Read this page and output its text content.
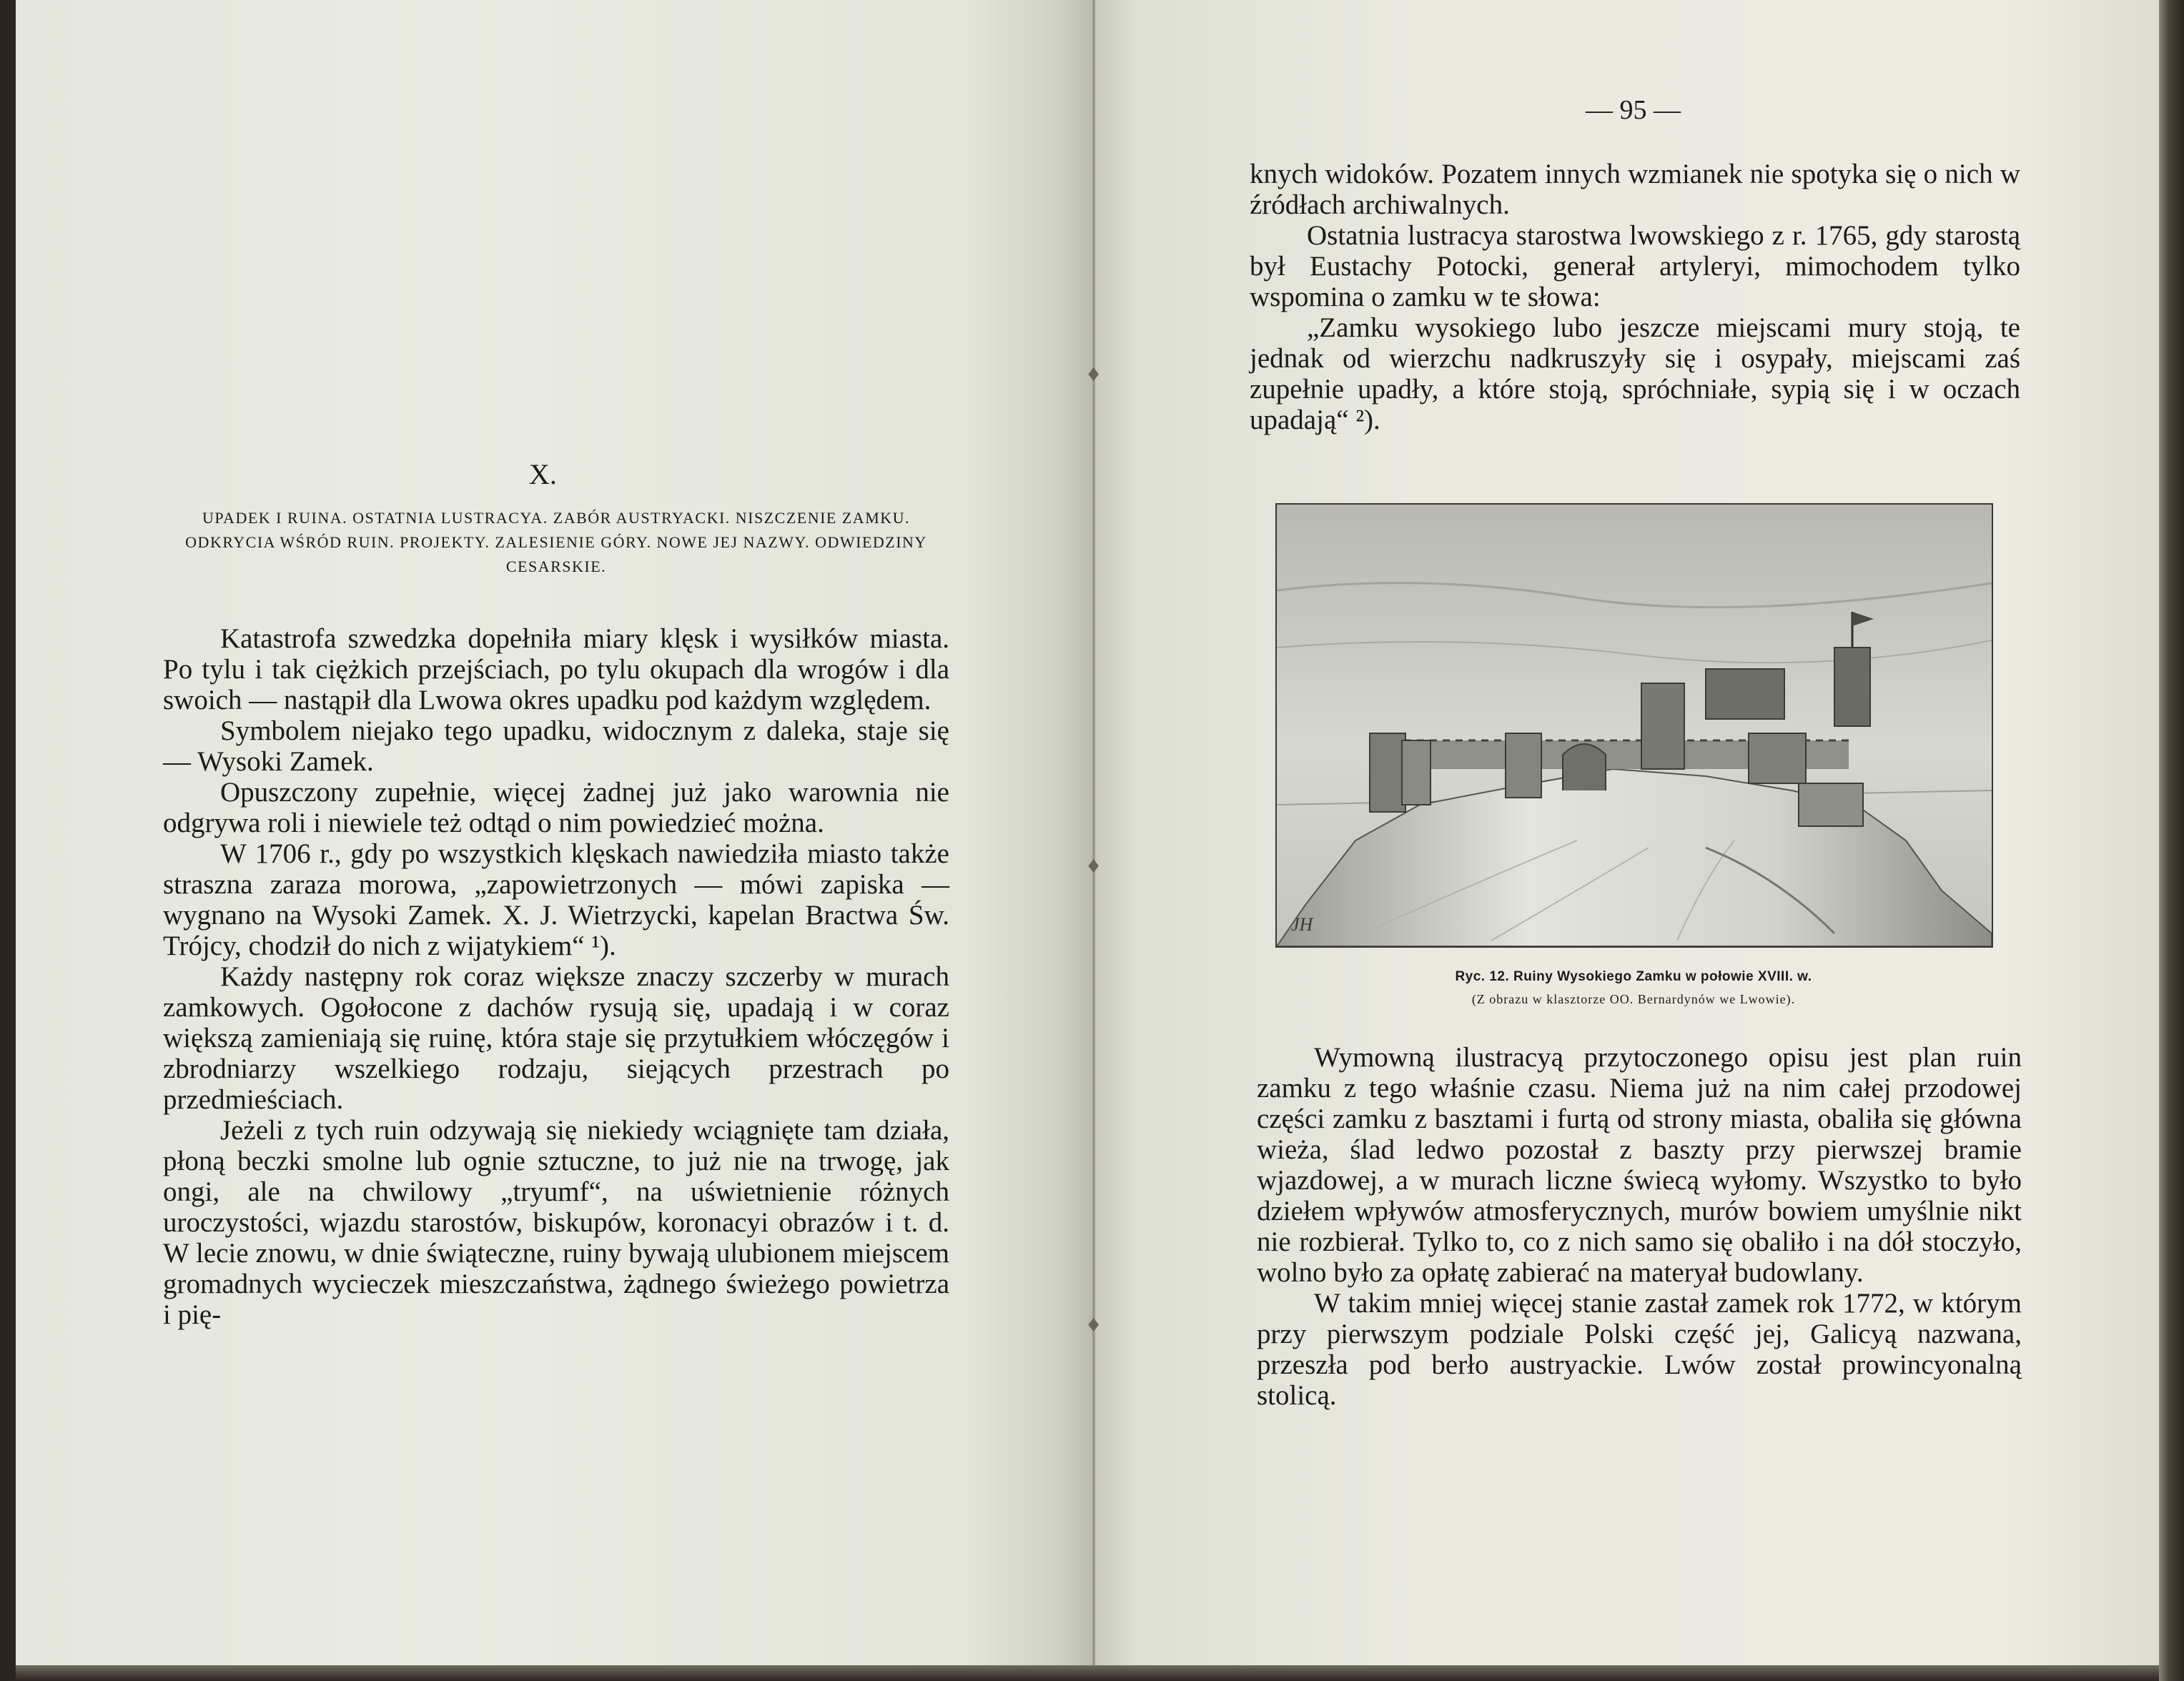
♦
♦
♦
X.
UPADEK I RUINA. OSTATNIA LUSTRACYA. ZABÓR AUSTRYACKI. NISZCZENIE ZAMKU. ODKRYCIA WŚRÓD RUIN. PROJEKTY. ZALESIENIE GÓRY. NOWE JEJ NAZWY. ODWIEDZINY CESARSKIE.

Katastrofa szwedzka dopełniła miary klęsk i wysiłków miasta. Po tylu i tak ciężkich przejściach, po tylu okupach dla wrogów i dla swoich — nastąpił dla Lwowa okres upadku pod każdym względem.

Symbolem niejako tego upadku, widocznym z daleka, staje się — Wysoki Zamek.

Opuszczony zupełnie, więcej żadnej już jako warownia nie odgrywa roli i niewiele też odtąd o nim powiedzieć można.

W 1706 r., gdy po wszystkich klęskach nawiedziła miasto także straszna zaraza morowa, „zapowietrzonych — mówi zapiska — wygnano na Wysoki Zamek. X. J. Wietrzycki, kapelan Bractwa Św. Trójcy, chodził do nich z wijatykiem“ ¹).

Każdy następny rok coraz większe znaczy szczerby w murach zamkowych. Ogołocone z dachów rysują się, upadają i w coraz większą zamieniają się ruinę, która staje się przytułkiem włóczęgów i zbrodniarzy wszelkiego rodzaju, siejących przestrach po przedmieściach.

Jeżeli z tych ruin odzywają się niekiedy wciągnięte tam działa, płoną beczki smolne lub ognie sztuczne, to już nie na trwogę, jak ongi, ale na chwilowy „tryumf“, na uświetnienie różnych uroczystości, wjazdu starostów, biskupów, koronacyi obrazów i t. d. W lecie znowu, w dnie świąteczne, ruiny bywają ulubionem miejscem gromadnych wycieczek mieszczaństwa, żądnego świeżego powietrza i pię-

— 95 —

knych widoków. Pozatem innych wzmianek nie spotyka się o nich w źródłach archiwalnych.

Ostatnia lustracya starostwa lwowskiego z r. 1765, gdy starostą był Eustachy Potocki, generał artyleryi, mimochodem tylko wspomina o zamku w te słowa:

„Zamku wysokiego lubo jeszcze miejscami mury stoją, te jednak od wierzchu nadkruszyły się i osypały, miejscami zaś zupełnie upadły, a które stoją, spróchniałe, sypią się i w oczach upadają“ ²).

JH
Ryc. 12. Ruiny Wysokiego Zamku w połowie XVIII. w.
(Z obrazu w klasztorze OO. Bernardynów we Lwowie).

Wymowną ilustracyą przytoczonego opisu jest plan ruin zamku z tego właśnie czasu. Niema już na nim całej przodowej części zamku z basztami i furtą od strony miasta, obaliła się główna wieża, ślad ledwo pozostał z baszty przy pierwszej bramie wjazdowej, a w murach liczne świecą wyłomy. Wszystko to było dziełem wpływów atmosferycznych, murów bowiem umyślnie nikt nie rozbierał. Tylko to, co z nich samo się obaliło i na dół stoczyło, wolno było za opłatę zabierać na materyał budowlany.

W takim mniej więcej stanie zastał zamek rok 1772, w którym przy pierwszym podziale Polski część jej, Galicyą nazwana, przeszła pod berło austryackie. Lwów został prowincyonalną stolicą.
